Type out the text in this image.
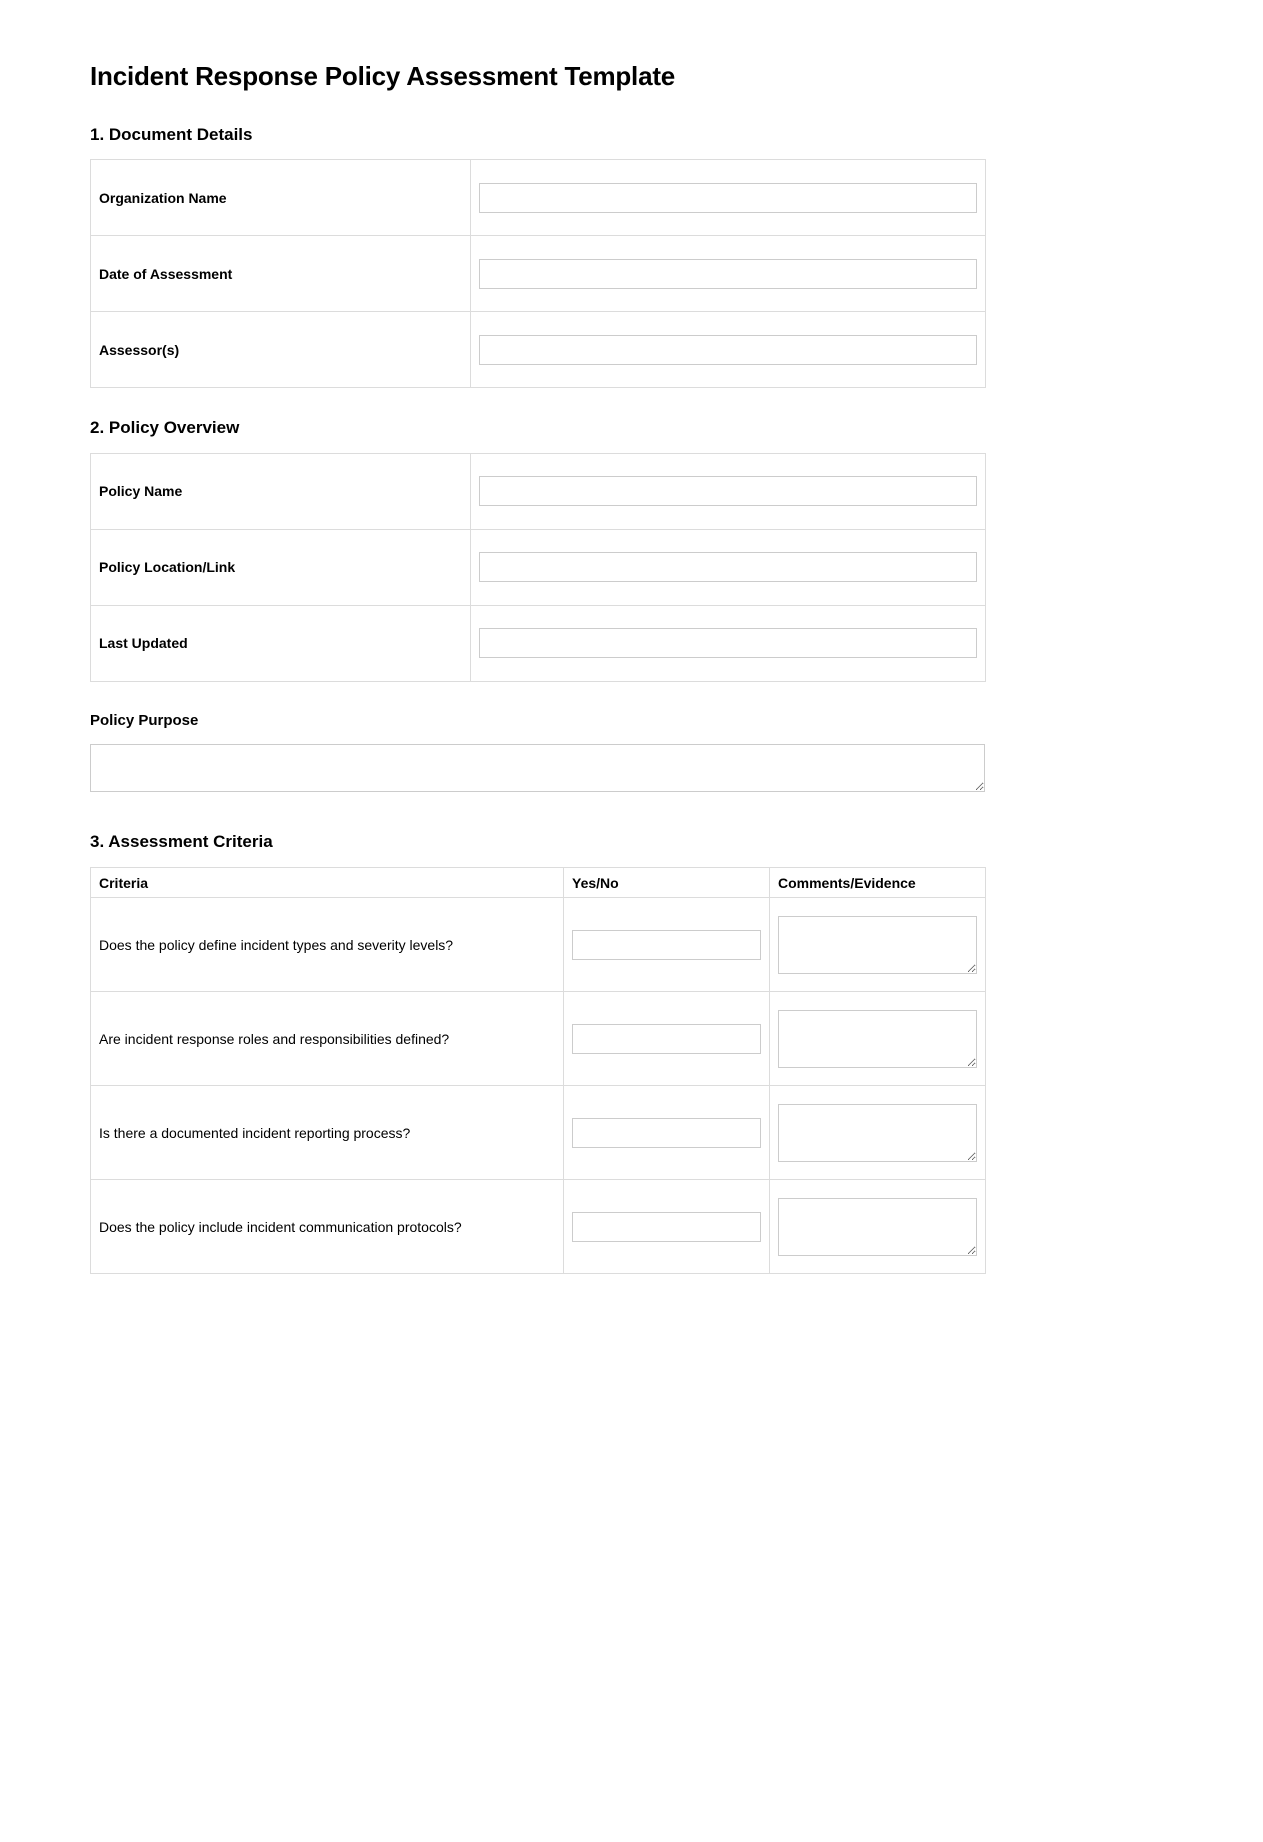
Incident Response Policy Assessment Template
1. Document Details
Organization Name	

Date of Assessment	

Assessor(s)	
2. Policy Overview
Policy Name	

Policy Location/Link	

Last Updated	
Policy Purpose
3. Assessment Criteria
Criteria	Yes/No	Comments/Evidence
Does the policy define incident types and severity levels?	

Are incident response roles and responsibilities defined?	

Is there a documented incident reporting process?	

Does the policy include incident communication protocols?	
